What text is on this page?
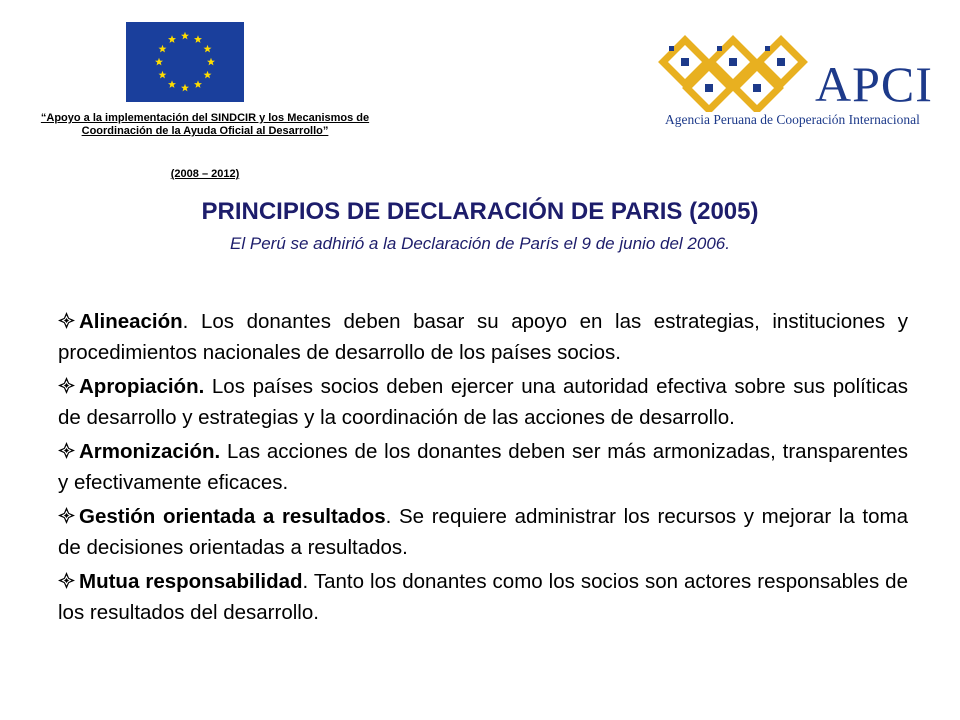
“Apoyo a la implementación del SINDCIR y los Mecanismos de Coordinación de la Ayuda Oficial al Desarrollo”
(2008 – 2012)
APCI
Agencia Peruana de Cooperación Internacional
PRINCIPIOS DE DECLARACIÓN DE PARIS (2005)
El Perú se adhirió a la Declaración de París el 9 de junio del 2006.
Alineación. Los donantes deben basar su apoyo en las estrategias, instituciones y procedimientos nacionales de desarrollo de los países socios.
Apropiación. Los países socios deben ejercer una autoridad efectiva sobre sus políticas de desarrollo y estrategias y la coordinación de las acciones de desarrollo.
Armonización. Las acciones de los donantes deben ser más armonizadas, transparentes y efectivamente eficaces.
Gestión orientada a resultados. Se requiere administrar los recursos y mejorar la toma de decisiones orientadas a resultados.
Mutua responsabilidad. Tanto los donantes como los socios son actores responsables de los resultados del desarrollo.
